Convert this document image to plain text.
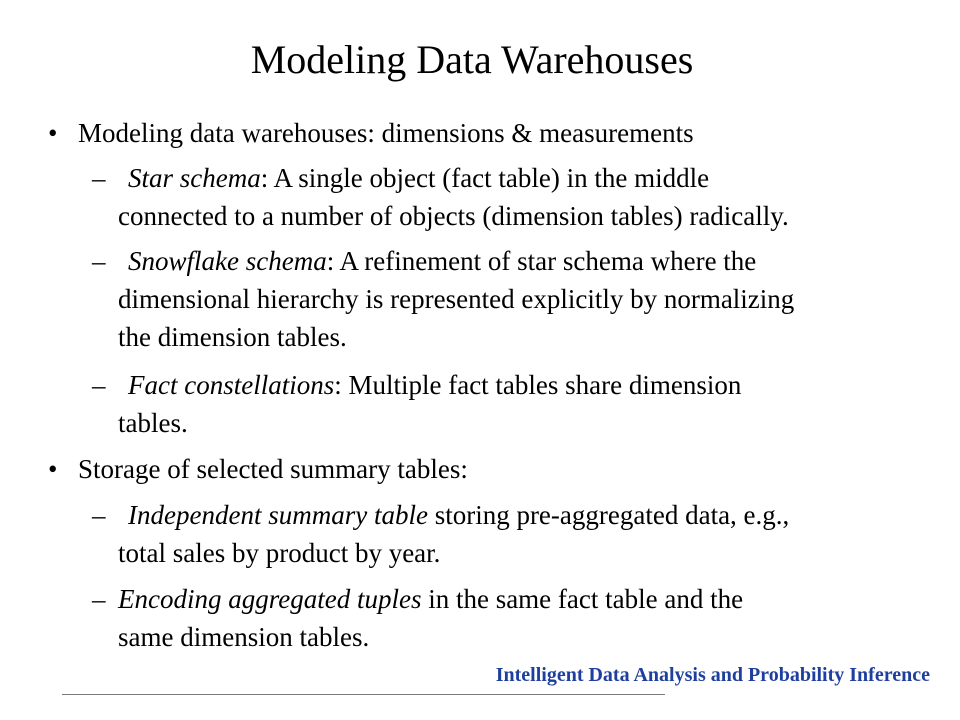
Modeling Data Warehouses
• Modeling data warehouses: dimensions & measurements
– Star schema: A single object (fact table) in the middle
connected to a number of objects (dimension tables) radically.
– Snowflake schema: A refinement of star schema where the
dimensional hierarchy is represented explicitly by normalizing
the dimension tables.
– Fact constellations: Multiple fact tables share dimension
tables.
• Storage of selected summary tables:
– Independent summary table storing pre-aggregated data, e.g.,
total sales by product by year.
– Encoding aggregated tuples in the same fact table and the
same dimension tables.
Intelligent Data Analysis and Probability Inference
